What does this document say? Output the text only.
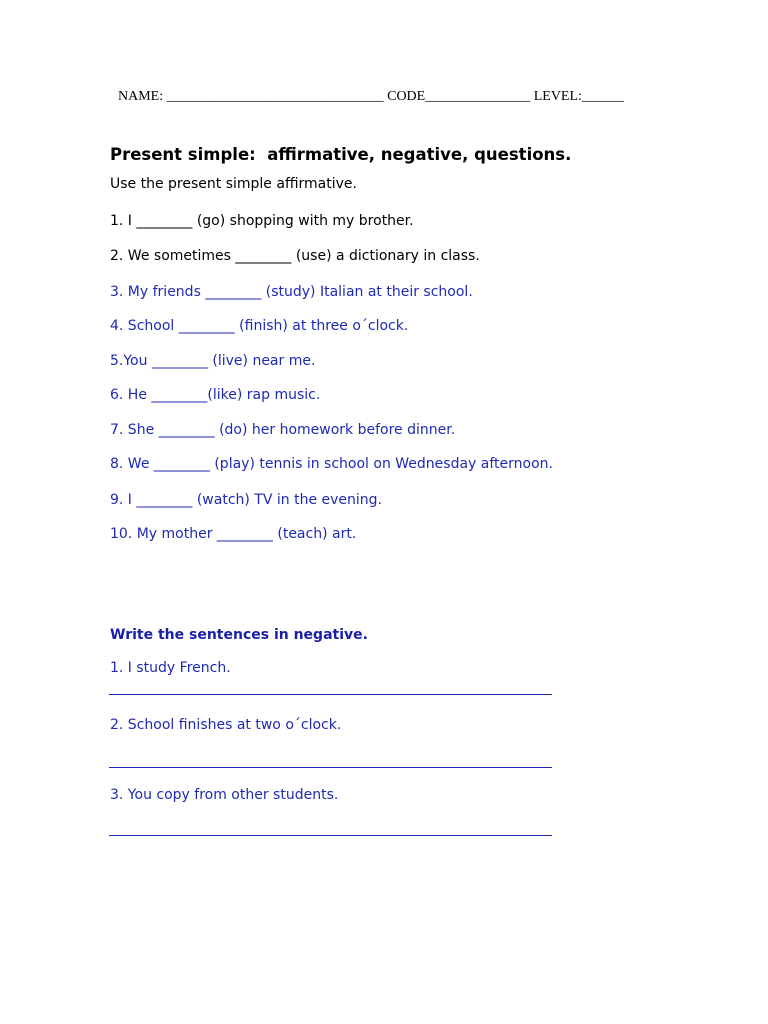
NAME: _______________________________ CODE_______________ LEVEL:______
Present simple:  affirmative, negative, questions.
Use the present simple affirmative.
1. I ________ (go) shopping with my brother.
2. We sometimes ________ (use) a dictionary in class.
3. My friends ________ (study) Italian at their school.
4. School ________ (finish) at three o´clock.
5.You ________ (live) near me.
6. He ________(like) rap music.
7. She ________ (do) her homework before dinner.
8. We ________ (play) tennis in school on Wednesday afternoon.
9. I ________ (watch) TV in the evening.
10. My mother ________ (teach) art.
Write the sentences in negative.
1. I study French.
2. School finishes at two o´clock.
3. You copy from other students.
